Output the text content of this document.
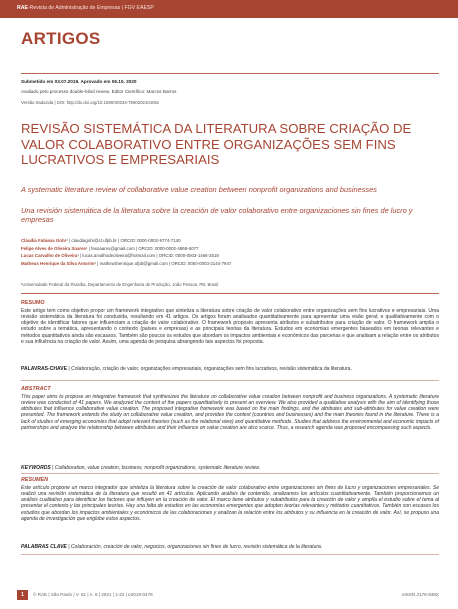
RAE-Revista de Administração de Empresas | FGV EAESP
ARTIGOS
Submetido em 03.07.2019. Aprovado em 06.10. 2020
Avaliado pelo processo double-blind review. Editor Científico: Marcos Barros
Versão traduzida | DOI: http://dx.doi.org/10.1590/S0034-759020210406x
REVISÃO SISTEMÁTICA DA LITERATURA SOBRE CRIAÇÃO DE VALOR COLABORATIVO ENTRE ORGANIZAÇÕES SEM FINS LUCRATIVOS E EMPRESARIAIS
A systematic literature review of collaborative value creation between nonprofit organizations and businesses
Una revisión sistemática de la literatura sobre la creación de valor colaborativo entre organizaciones sin fines de lucro y empresas
Cláudia Fabiana Gohr¹ | claudiagohr@ct.ufpb.br | ORCID: 0000-0002-9774-7140
Felipe Alves de Oliveira Soares¹ | fasoaares@gmail.com | ORCID: 0000-0002-4968-6077
Lucas Carvalho de Oliveira¹ | lucas.arvalhodeoliveira@hotmail.com | ORCID: 0000-0003-1466-2518
Matheus Henrique da Silva Amorim¹ | matheushenrique.ufpb@gmail.com | ORCID: 0000-0003-2144-7947
¹Universidade Federal da Paraíba, Departamento de Engenharia de Produção, João Pessoa, PB, Brasil
RESUMO

Este artigo tem como objetivo propor um framework integrativo que sintetiza a literatura sobre criação de valor colaborativo entre organizações sem fins lucrativos e empresariais. Uma revisão sistemática da literatura foi conduzida, resultando em 41 artigos. Os artigos foram analisados quantitativamente para apresentar uma visão geral; e qualitativamente com o objetivo de identificar fatores que influenciam a criação de valor colaborativo. O framework proposto apresenta atributos e subatributos para criação de valor. O framework amplia o estudo sobre a temática, apresentando o contexto (países e empresas) e as principais teorias da literatura. Estudos em economias emergentes baseados em teorias relevantes e métodos quantitativos ainda são escassos. Também são poucos os estudos que abordam os impactos ambientais e econômicos das parcerias e que analisam a relação entre os atributos e sua influência na criação de valor. Assim, uma agenda de pesquisa abrangendo tais aspectos foi proposta.

PALAVRAS-CHAVE | Colaboração, criação de valor, organizações empresariais, organizações sem fins lucrativos, revisão sistemática da literatura.
ABSTRACT

This paper aims to propose an integrative framework that synthesizes the literature on collaborative value creation between nonprofit and business organizations. A systematic literature review was conducted of 41 papers. We analyzed the content of the papers quantitatively to present an overview. We also provided a qualitative analysis with the aim of identifying those attributes that influence collaborative value creation. The proposed integrative framework was based on the main findings, and the attributes and sub-attributes for value creation were presented. The framework extends the study on collaborative value creation, and provides the context (countries and businesses) and the main theories found in the literature. There is a lack of studies of emerging economies that adopt relevant theories (such as the relational view) and quantitative methods. Studies that address the environmental and economic impacts of partnerships and analyze the relationship between attributes and their influence on value creation are also scarce. Thus, a research agenda was proposed encompassing such aspects.

KEYWORDS | Collaboration, value creation, business, nonprofit organizations, systematic literature review.
RESUMEN

Este artículo propone un marco integrador que sintetiza la literatura sobre la creación de valor colaborativo entre organizaciones sin fines de lucro y organizaciones empresariales. Se realizó una revisión sistemática de la literatura que resultó en 41 artículos. Aplicando análisis de contenido, analizamos los artículos cuantitativamente. También proporcionamos un análisis cualitativo para identificar los factores que influyen en la creación de valor. El marco tiene atributos y subatributos para la creación de valor y amplía el estudio sobre el tema al presentar el contexto y las principales teorías. Hay una falta de estudios en las economías emergentes que adopten teorías relevantes y métodos cuantitativos. También son escasos los estudios que abordan los impactos ambientales y económicos de las colaboraciones y analizan la relación entre los atributos y su influencia en la creación de valor. Así, se propuso una agenda de investigación que englobe estos aspectos.

PALABRAS CLAVE | Colaboración, creación de valor, negocios, organizaciones sin fines de lucro, revisión sistemática de la literatura.
1	© RAE | São Paulo | V. 61 | n. 6 | 2021 | 1-22 | e2019-0478	eISSN 2178-938X
